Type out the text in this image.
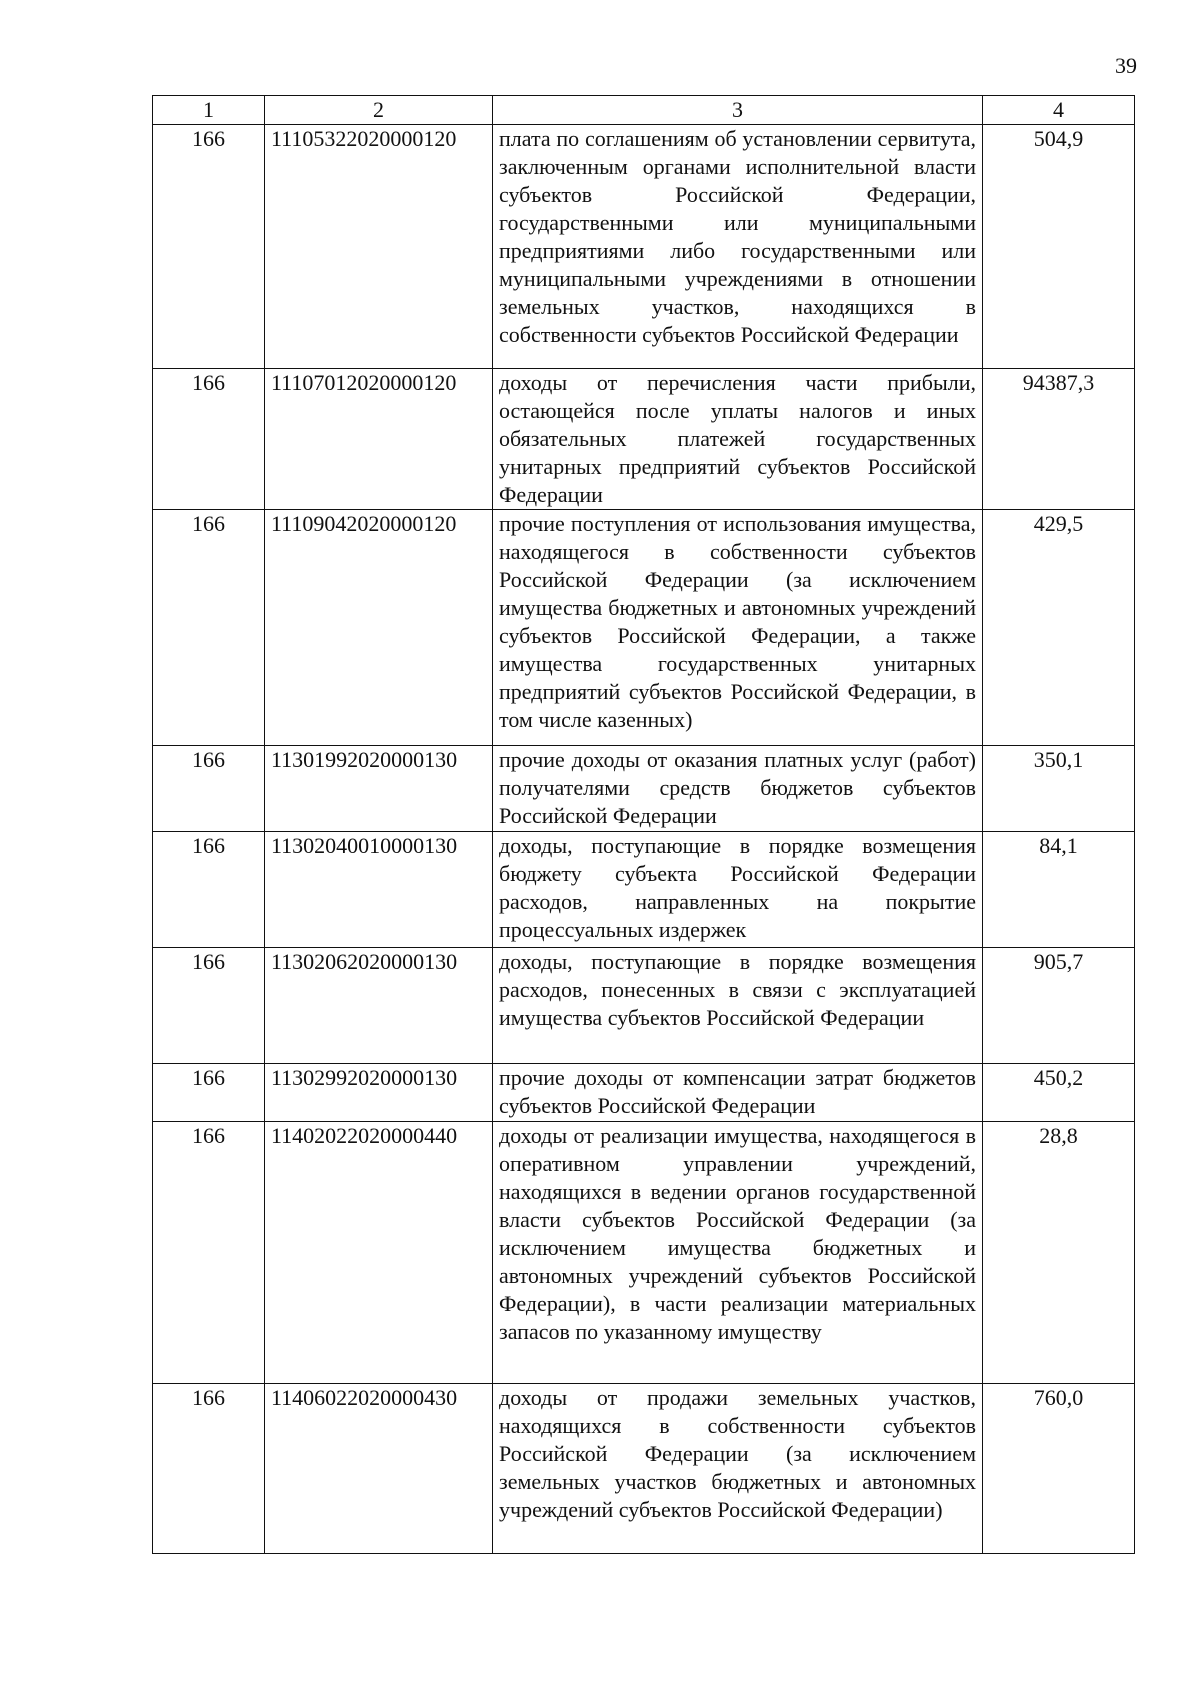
39
1	2	3	4
166	11105322020000120	плата по соглашениям об установлении сервитута, заключенным органами исполнительной власти субъектов Российской Федерации, государственными или муниципальными предприятиями либо государственными или муниципальными учреждениями в отношении земельных участков, находящихся в собственности субъектов Российской Федерации	504,9
166	11107012020000120	доходы от перечисления части прибыли, остающейся после уплаты налогов и иных обязательных платежей государственных унитарных предприятий субъектов Российской Федерации	94387,3
166	11109042020000120	прочие поступления от использования имущества, находящегося в собственности субъектов Российской Федерации (за исключением имущества бюджетных и автономных учреждений субъектов Российской Федерации, а также имущества государственных унитарных предприятий субъектов Российской Федерации, в том числе казенных)	429,5
166	11301992020000130	прочие доходы от оказания платных услуг (работ) получателями средств бюджетов субъектов Российской Федерации	350,1
166	11302040010000130	доходы, поступающие в порядке возмещения бюджету субъекта Российской Федерации расходов, направленных на покрытие процессуальных издержек	84,1
166	11302062020000130	доходы, поступающие в порядке возмещения расходов, понесенных в связи с эксплуатацией имущества субъектов Российской Федерации	905,7
166	11302992020000130	прочие доходы от компенсации затрат бюджетов субъектов Российской Федерации	450,2
166	11402022020000440	доходы от реализации имущества, находящегося в оперативном управлении учреждений, находящихся в ведении органов государственной власти субъектов Российской Федерации (за исключением имущества бюджетных и автономных учреждений субъектов Российской Федерации), в части реализации материальных запасов по указанному имуществу	28,8
166	11406022020000430	доходы от продажи земельных участков, находящихся в собственности субъектов Российской Федерации (за исключением земельных участков бюджетных и автономных учреждений субъектов Российской Федерации)	760,0
